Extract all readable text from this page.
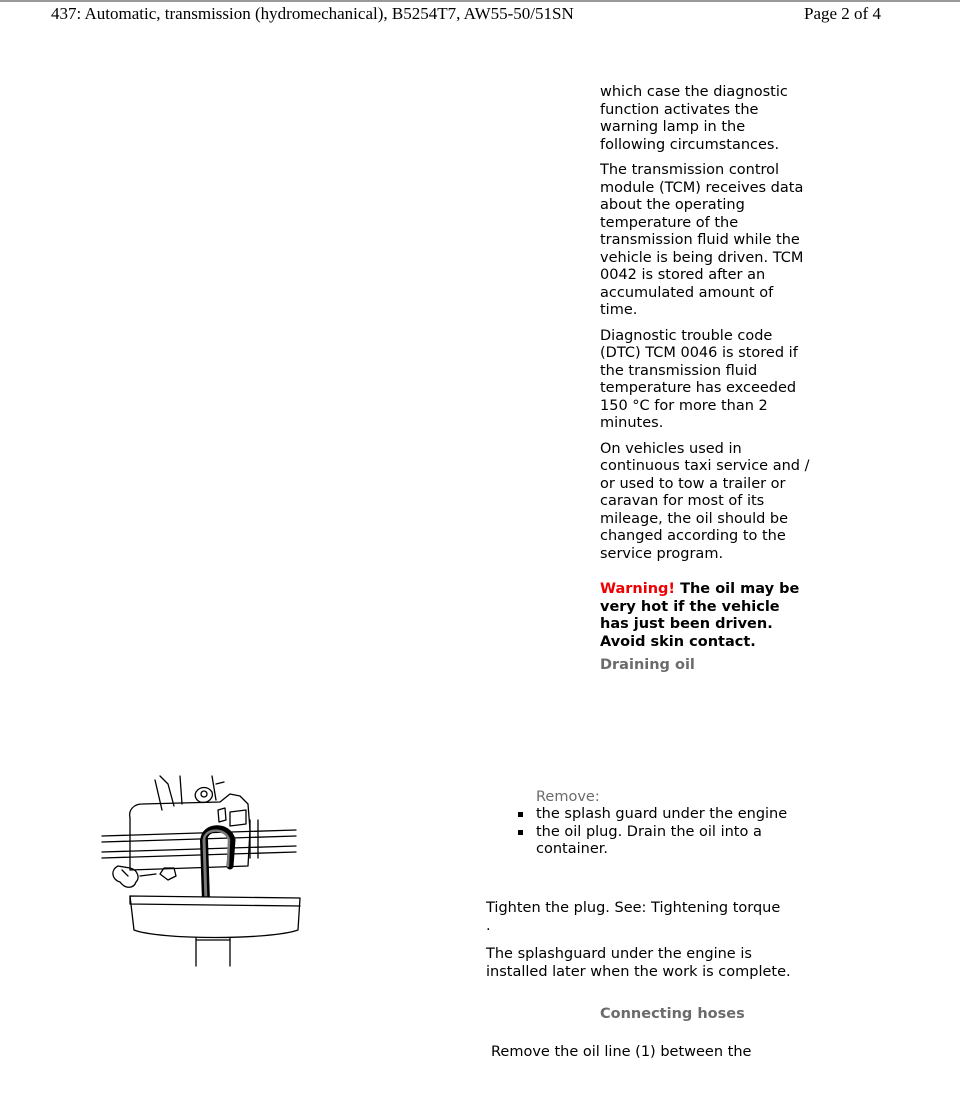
437: Automatic, transmission (hydromechanical), B5254T7, AW55-50/51SN	Page 2 of 4

which case the diagnostic function activates the warning lamp in the following circumstances.

The transmission control module (TCM) receives data about the operating temperature of the transmission fluid while the vehicle is being driven. TCM 0042 is stored after an accumulated amount of time.

Diagnostic trouble code (DTC) TCM 0046 is stored if the transmission fluid temperature has exceeded 150 °C for more than 2 minutes.

On vehicles used in continuous taxi service and / or used to tow a trailer or caravan for most of its mileage, the oil should be changed according to the service program.

Warning! The oil may be very hot if the vehicle has just been driven. Avoid skin contact.

Draining oil
Remove:
the splash guard under the engine
the oil plug. Drain the oil into a container.
Tighten the plug. See: Tightening torque .
The splashguard under the engine is installed later when the work is complete.
Connecting hoses
Remove the oil line (1) between the
